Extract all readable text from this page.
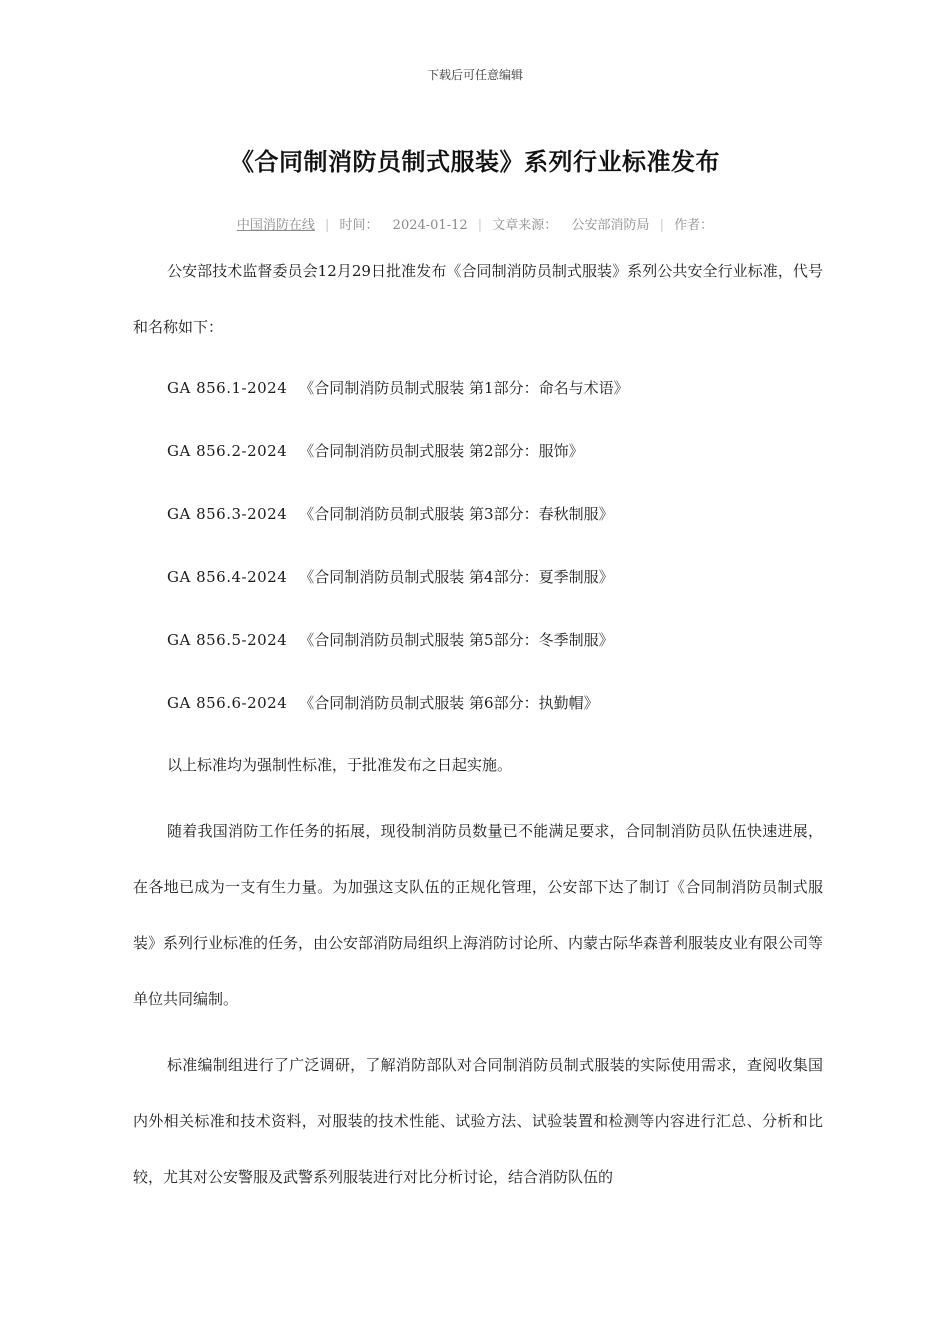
下载后可任意编辑
《合同制消防员制式服装》系列行业标准发布
中国消防在线 | 时间： 2024-01-12 | 文章来源： 公安部消防局 | 作者：

公安部技术监督委员会12月29日批准发布《合同制消防员制式服装》系列公共安全行业标准，代号和名称如下：

GA 856.1-2024 《合同制消防员制式服装 第1部分：命名与术语》
GA 856.2-2024 《合同制消防员制式服装 第2部分：服饰》
GA 856.3-2024 《合同制消防员制式服装 第3部分：春秋制服》
GA 856.4-2024 《合同制消防员制式服装 第4部分：夏季制服》
GA 856.5-2024 《合同制消防员制式服装 第5部分：冬季制服》
GA 856.6-2024 《合同制消防员制式服装 第6部分：执勤帽》

以上标准均为强制性标准，于批准发布之日起实施。

随着我国消防工作任务的拓展，现役制消防员数量已不能满足要求，合同制消防员队伍快速进展，在各地已成为一支有生力量。为加强这支队伍的正规化管理，公安部下达了制订《合同制消防员制式服装》系列行业标准的任务，由公安部消防局组织上海消防讨论所、内蒙古际华森普利服装皮业有限公司等单位共同编制。

标准编制组进行了广泛调研，了解消防部队对合同制消防员制式服装的实际使用需求，查阅收集国内外相关标准和技术资料，对服装的技术性能、试验方法、试验装置和检测等内容进行汇总、分析和比较，尤其对公安警服及武警系列服装进行对比分析讨论，结合消防队伍的
